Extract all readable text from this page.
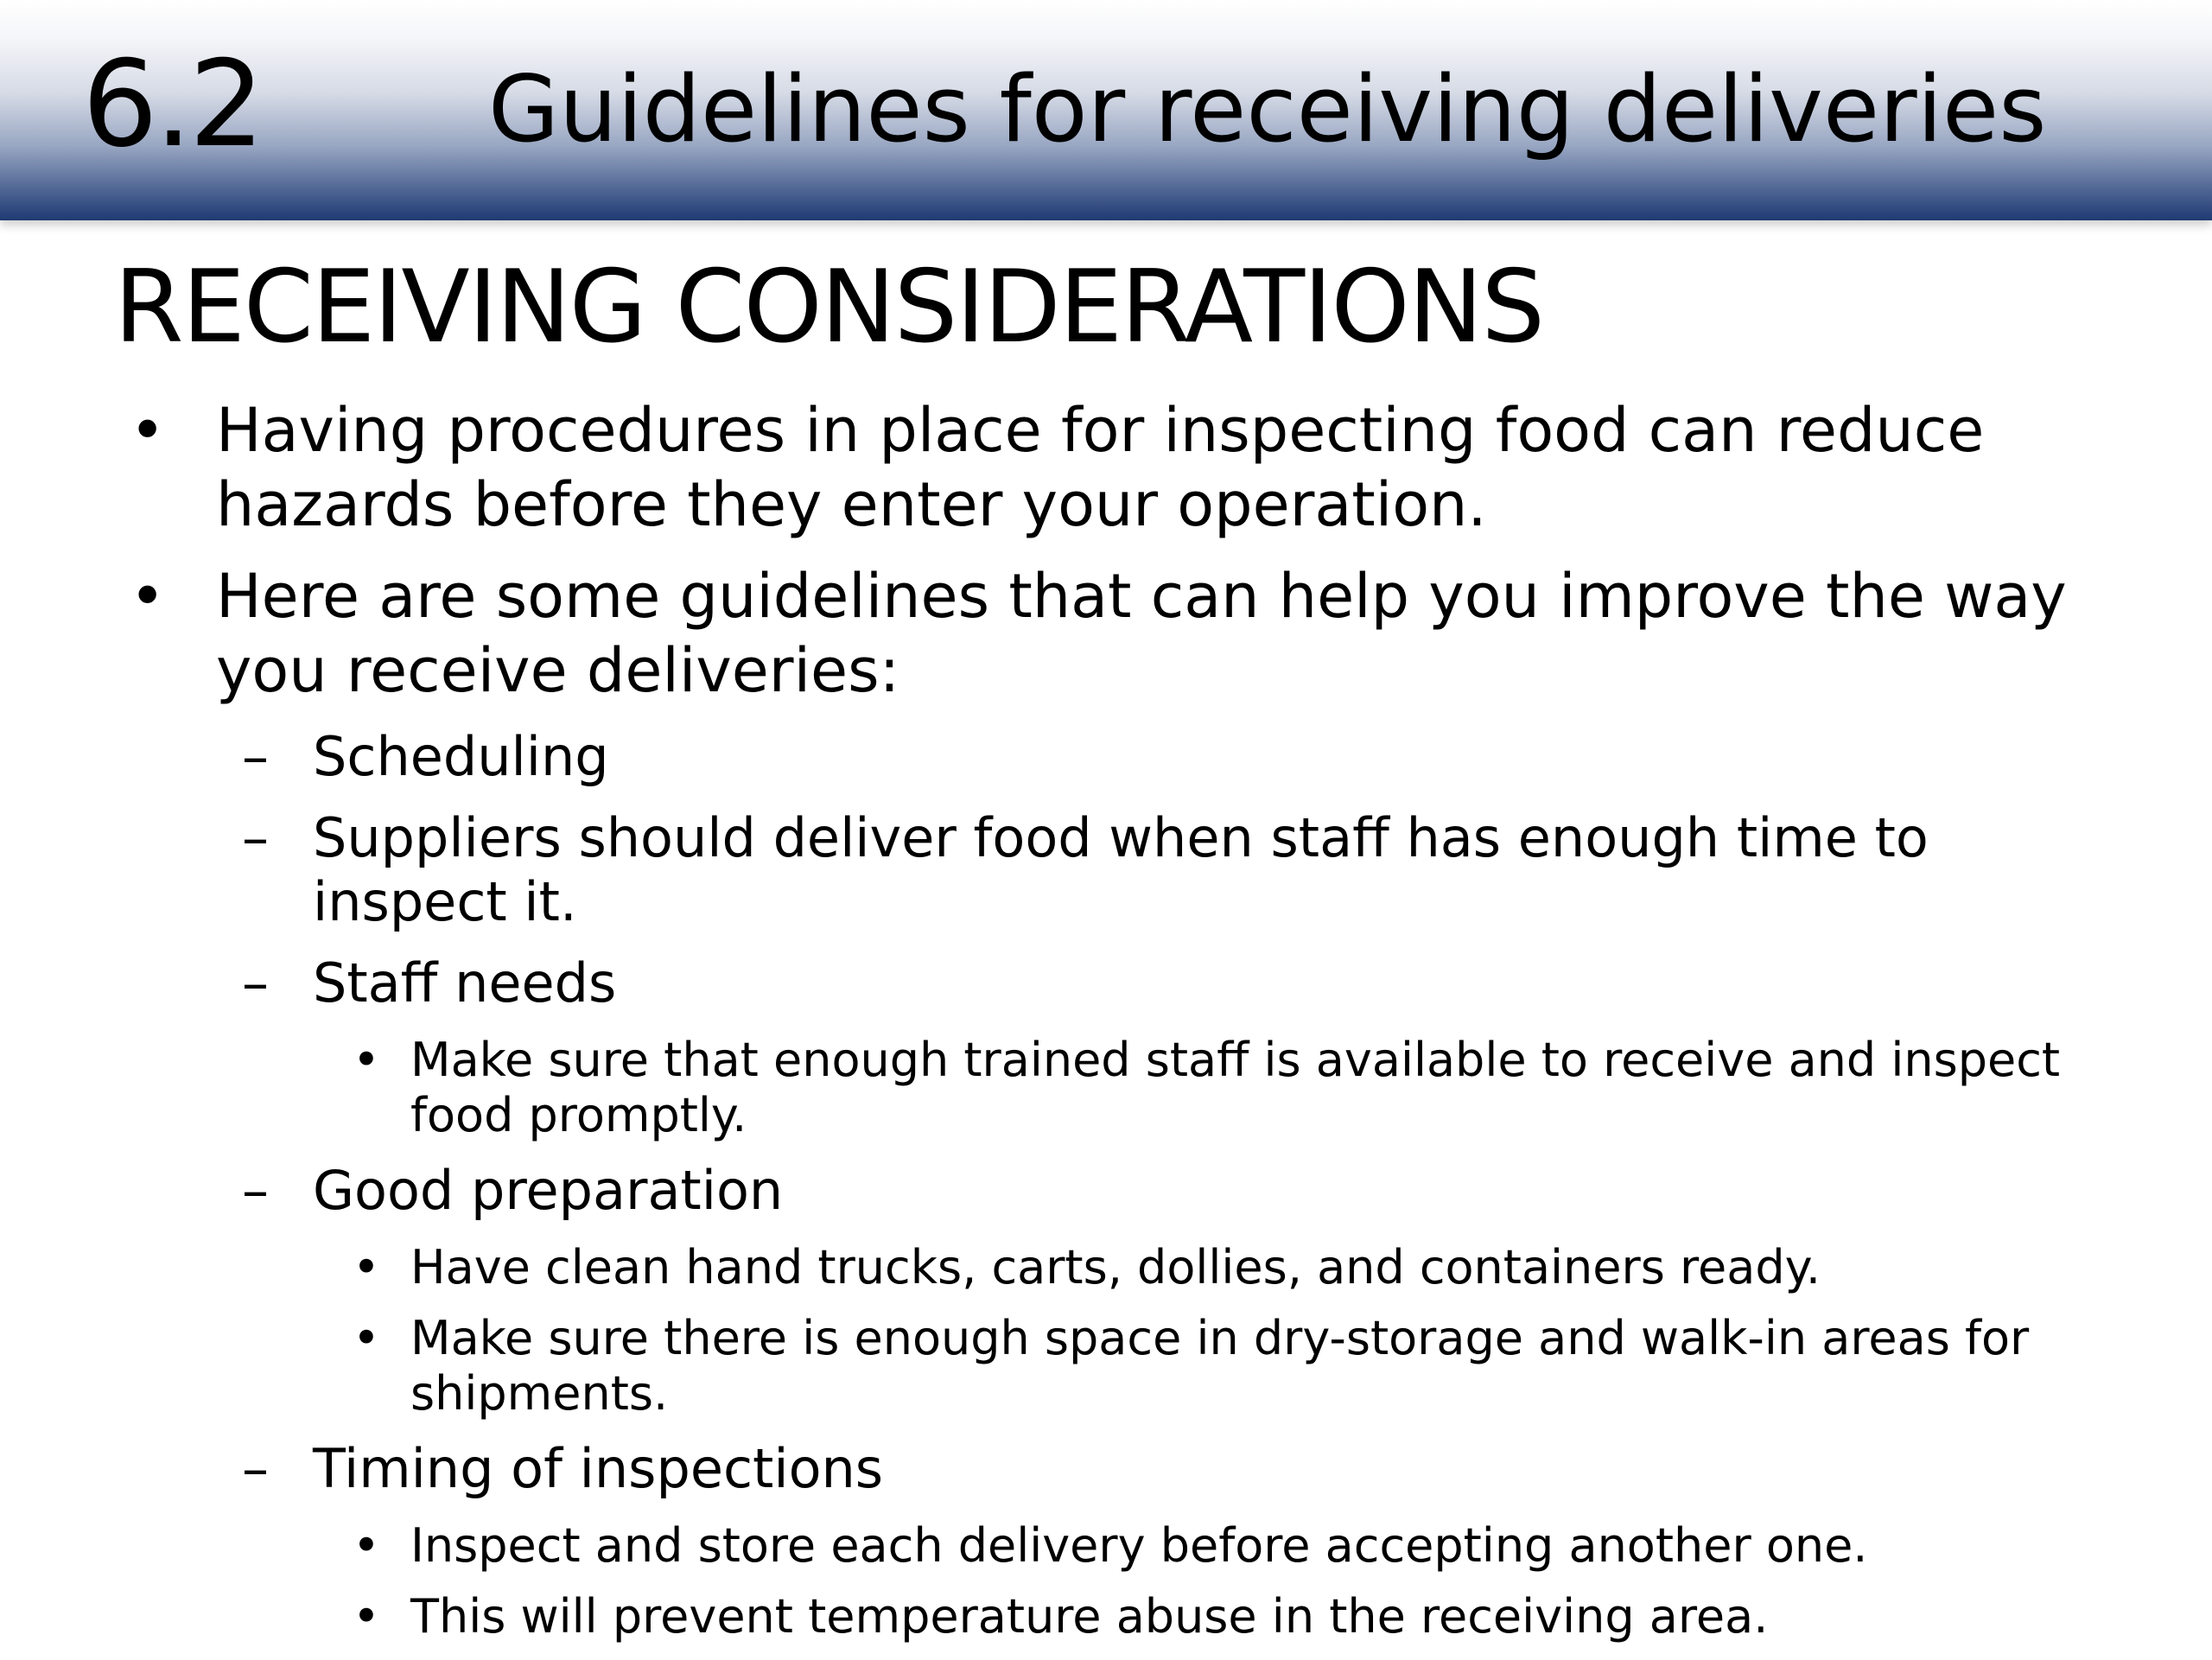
6.2 Guidelines for receiving deliveries
RECEIVING CONSIDERATIONS
• Having procedures in place for inspecting food can reduce hazards before they enter your operation.
• Here are some guidelines that can help you improve the way you receive deliveries:
– Scheduling
– Suppliers should deliver food when staff has enough time to inspect it.
– Staff needs
• Make sure that enough trained staff is available to receive and inspect food promptly.
– Good preparation
• Have clean hand trucks, carts, dollies, and containers ready.
• Make sure there is enough space in dry-storage and walk-in areas for shipments.
– Timing of inspections
• Inspect and store each delivery before accepting another one.
• This will prevent temperature abuse in the receiving area.
